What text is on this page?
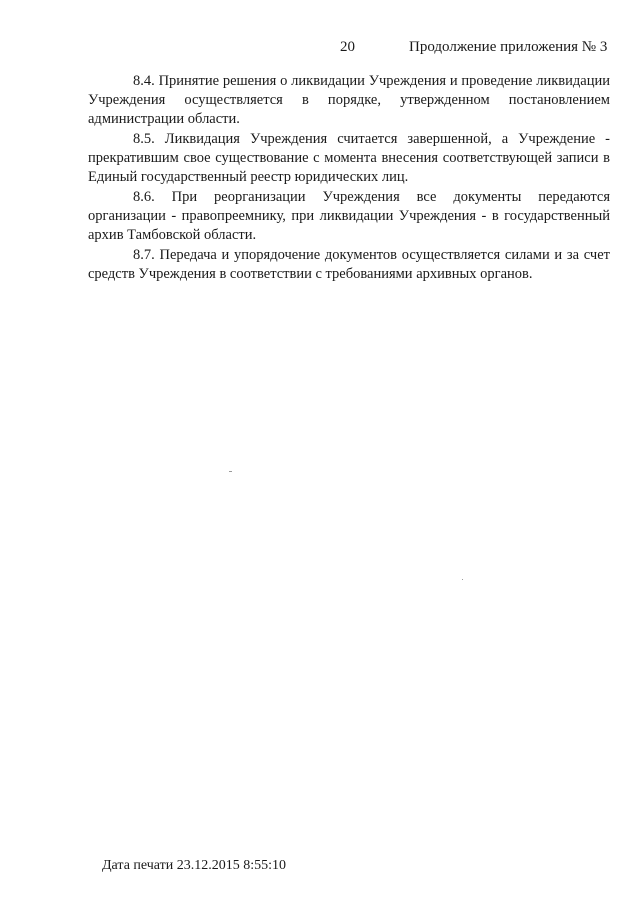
20	Продолжение приложения № 3

8.4. Принятие решения о ликвидации Учреждения и проведение ликвидации Учреждения осуществляется в порядке, утвержденном постановлением администрации области.

8.5. Ликвидация Учреждения считается завершенной, а Учреждение - прекратившим свое существование с момента внесения соответствующей записи в Единый государственный реестр юридических лиц.

8.6. При реорганизации Учреждения все документы передаются организации - правопреемнику, при ликвидации Учреждения - в государственный архив Тамбовской области.

8.7. Передача и упорядочение документов осуществляется силами и за счет средств Учреждения в соответствии с требованиями архивных органов.

Дата печати 23.12.2015 8:55:10
